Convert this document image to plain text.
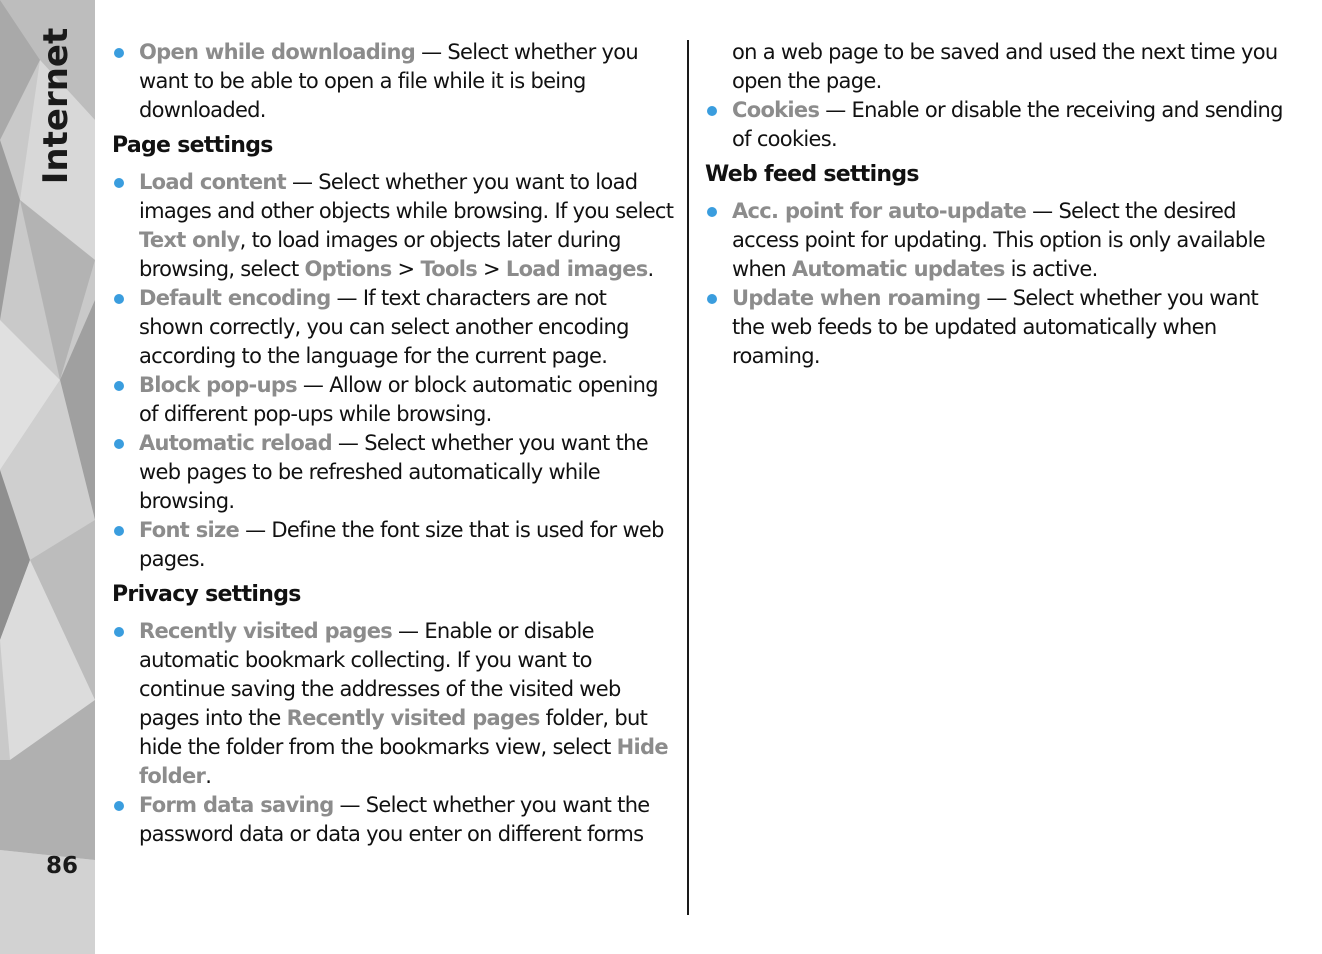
Internet
86
Open while downloading — Select whether you want to be able to open a file while it is being downloaded.
Page settings
Load content — Select whether you want to load images and other objects while browsing. If you select Text only, to load images or objects later during browsing, select Options > Tools > Load images.
Default encoding — If text characters are not shown correctly, you can select another encoding according to the language for the current page.
Block pop-ups — Allow or block automatic opening of different pop-ups while browsing.
Automatic reload — Select whether you want the web pages to be refreshed automatically while browsing.
Font size — Define the font size that is used for web pages.
Privacy settings
Recently visited pages — Enable or disable automatic bookmark collecting. If you want to continue saving the addresses of the visited web pages into the Recently visited pages folder, but hide the folder from the bookmarks view, select Hide folder.
Form data saving — Select whether you want the password data or data you enter on different forms
on a web page to be saved and used the next time you open the page.
Cookies — Enable or disable the receiving and sending of cookies.
Web feed settings
Acc. point for auto-update — Select the desired access point for updating. This option is only available when Automatic updates is active.
Update when roaming — Select whether you want the web feeds to be updated automatically when roaming.
